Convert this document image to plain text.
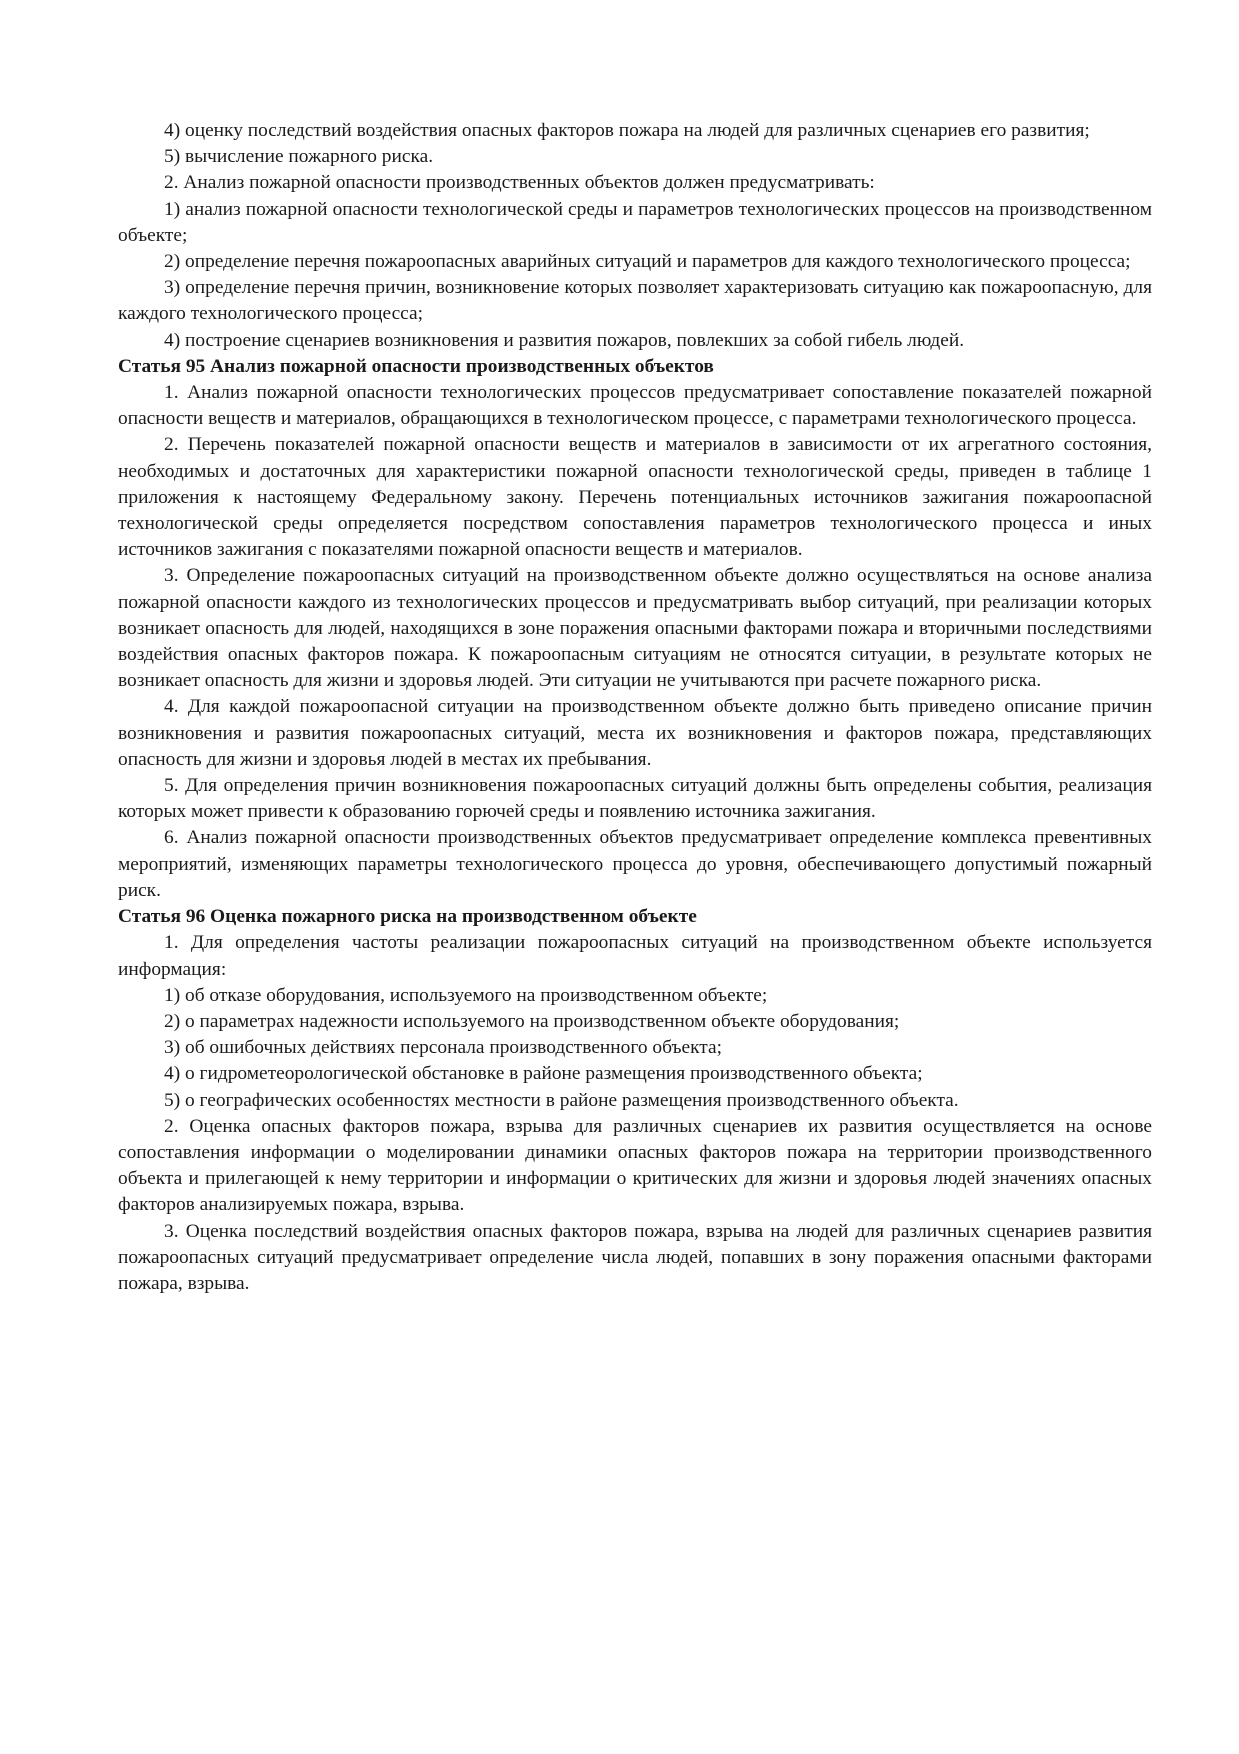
4) оценку последствий воздействия опасных факторов пожара на людей для различных сценариев его развития;

5) вычисление пожарного риска.

2. Анализ пожарной опасности производственных объектов должен предусматривать:

1) анализ пожарной опасности технологической среды и параметров технологических процессов на производственном объекте;

2) определение перечня пожароопасных аварийных ситуаций и параметров для каждого технологического процесса;

3) определение перечня причин, возникновение которых позволяет характеризовать ситуацию как пожароопасную, для каждого технологического процесса;

4) построение сценариев возникновения и развития пожаров, повлекших за собой гибель людей.

Статья 95 Анализ пожарной опасности производственных объектов

1. Анализ пожарной опасности технологических процессов предусматривает сопоставление показателей пожарной опасности веществ и материалов, обращающихся в технологическом процессе, с параметрами технологического процесса.

2. Перечень показателей пожарной опасности веществ и материалов в зависимости от их агрегатного состояния, необходимых и достаточных для характеристики пожарной опасности технологической среды, приведен в таблице 1 приложения к настоящему Федеральному закону. Перечень потенциальных источников зажигания пожароопасной технологической среды определяется посредством сопоставления параметров технологического процесса и иных источников зажигания с показателями пожарной опасности веществ и материалов.

3. Определение пожароопасных ситуаций на производственном объекте должно осуществляться на основе анализа пожарной опасности каждого из технологических процессов и предусматривать выбор ситуаций, при реализации которых возникает опасность для людей, находящихся в зоне поражения опасными факторами пожара и вторичными последствиями воздействия опасных факторов пожара. К пожароопасным ситуациям не относятся ситуации, в результате которых не возникает опасность для жизни и здоровья людей. Эти ситуации не учитываются при расчете пожарного риска.

4. Для каждой пожароопасной ситуации на производственном объекте должно быть приведено описание причин возникновения и развития пожароопасных ситуаций, места их возникновения и факторов пожара, представляющих опасность для жизни и здоровья людей в местах их пребывания.

5. Для определения причин возникновения пожароопасных ситуаций должны быть определены события, реализация которых может привести к образованию горючей среды и появлению источника зажигания.

6. Анализ пожарной опасности производственных объектов предусматривает определение комплекса превентивных мероприятий, изменяющих параметры технологического процесса до уровня, обеспечивающего допустимый пожарный риск.

Статья 96 Оценка пожарного риска на производственном объекте

1. Для определения частоты реализации пожароопасных ситуаций на производственном объекте используется информация:

1) об отказе оборудования, используемого на производственном объекте;

2) о параметрах надежности используемого на производственном объекте оборудования;

3) об ошибочных действиях персонала производственного объекта;

4) о гидрометеорологической обстановке в районе размещения производственного объекта;

5) о географических особенностях местности в районе размещения производственного объекта.

2. Оценка опасных факторов пожара, взрыва для различных сценариев их развития осуществляется на основе сопоставления информации о моделировании динамики опасных факторов пожара на территории производственного объекта и прилегающей к нему территории и информации о критических для жизни и здоровья людей значениях опасных факторов анализируемых пожара, взрыва.

3. Оценка последствий воздействия опасных факторов пожара, взрыва на людей для различных сценариев развития пожароопасных ситуаций предусматривает определение числа людей, попавших в зону поражения опасными факторами пожара, взрыва.
